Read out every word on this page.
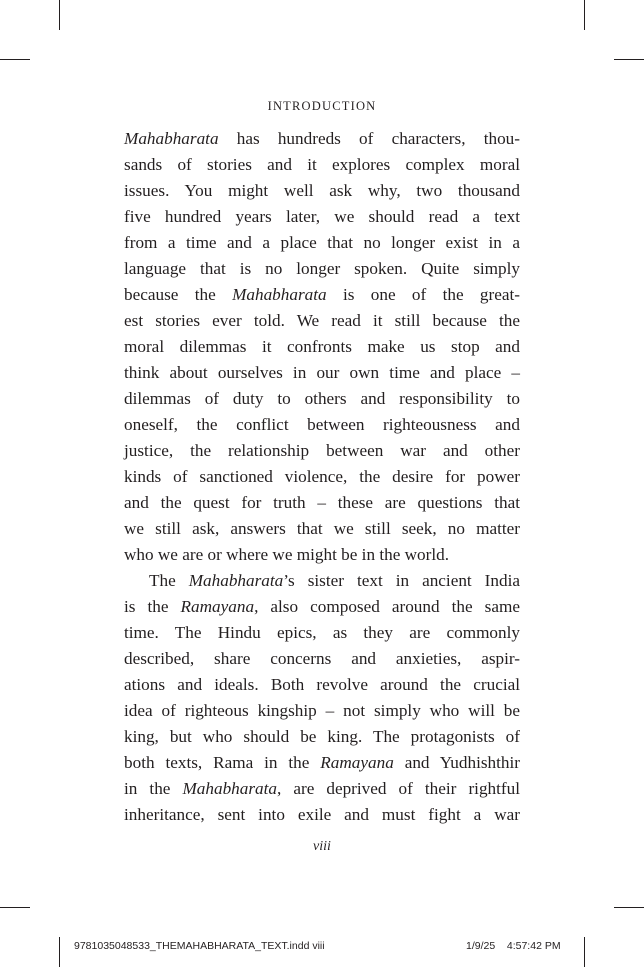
INTRODUCTION
Mahabharata has hundreds of characters, thou-
sands of stories and it explores complex moral
issues. You might well ask why, two thousand
five hundred years later, we should read a text
from a time and a place that no longer exist in a
language that is no longer spoken. Quite simply
because the Mahabharata is one of the great-
est stories ever told. We read it still because the
moral dilemmas it confronts make us stop and
think about ourselves in our own time and place –
dilemmas of duty to others and responsibility to
oneself, the conflict between righteousness and
justice, the relationship between war and other
kinds of sanctioned violence, the desire for power
and the quest for truth – these are questions that
we still ask, answers that we still seek, no matter
who we are or where we might be in the world.
The Mahabharata’s sister text in ancient India
is the Ramayana, also composed around the same
time. The Hindu epics, as they are commonly
described, share concerns and anxieties, aspir-
ations and ideals. Both revolve around the crucial
idea of righteous kingship – not simply who will be
king, but who should be king. The protagonists of
both texts, Rama in the Ramayana and Yudhishthir
in the Mahabharata, are deprived of their rightful
inheritance, sent into exile and must fight a war
viii
9781035048533_THEMAHABHARATA_TEXT.indd viii	1/9/25 4:57:42 PM
